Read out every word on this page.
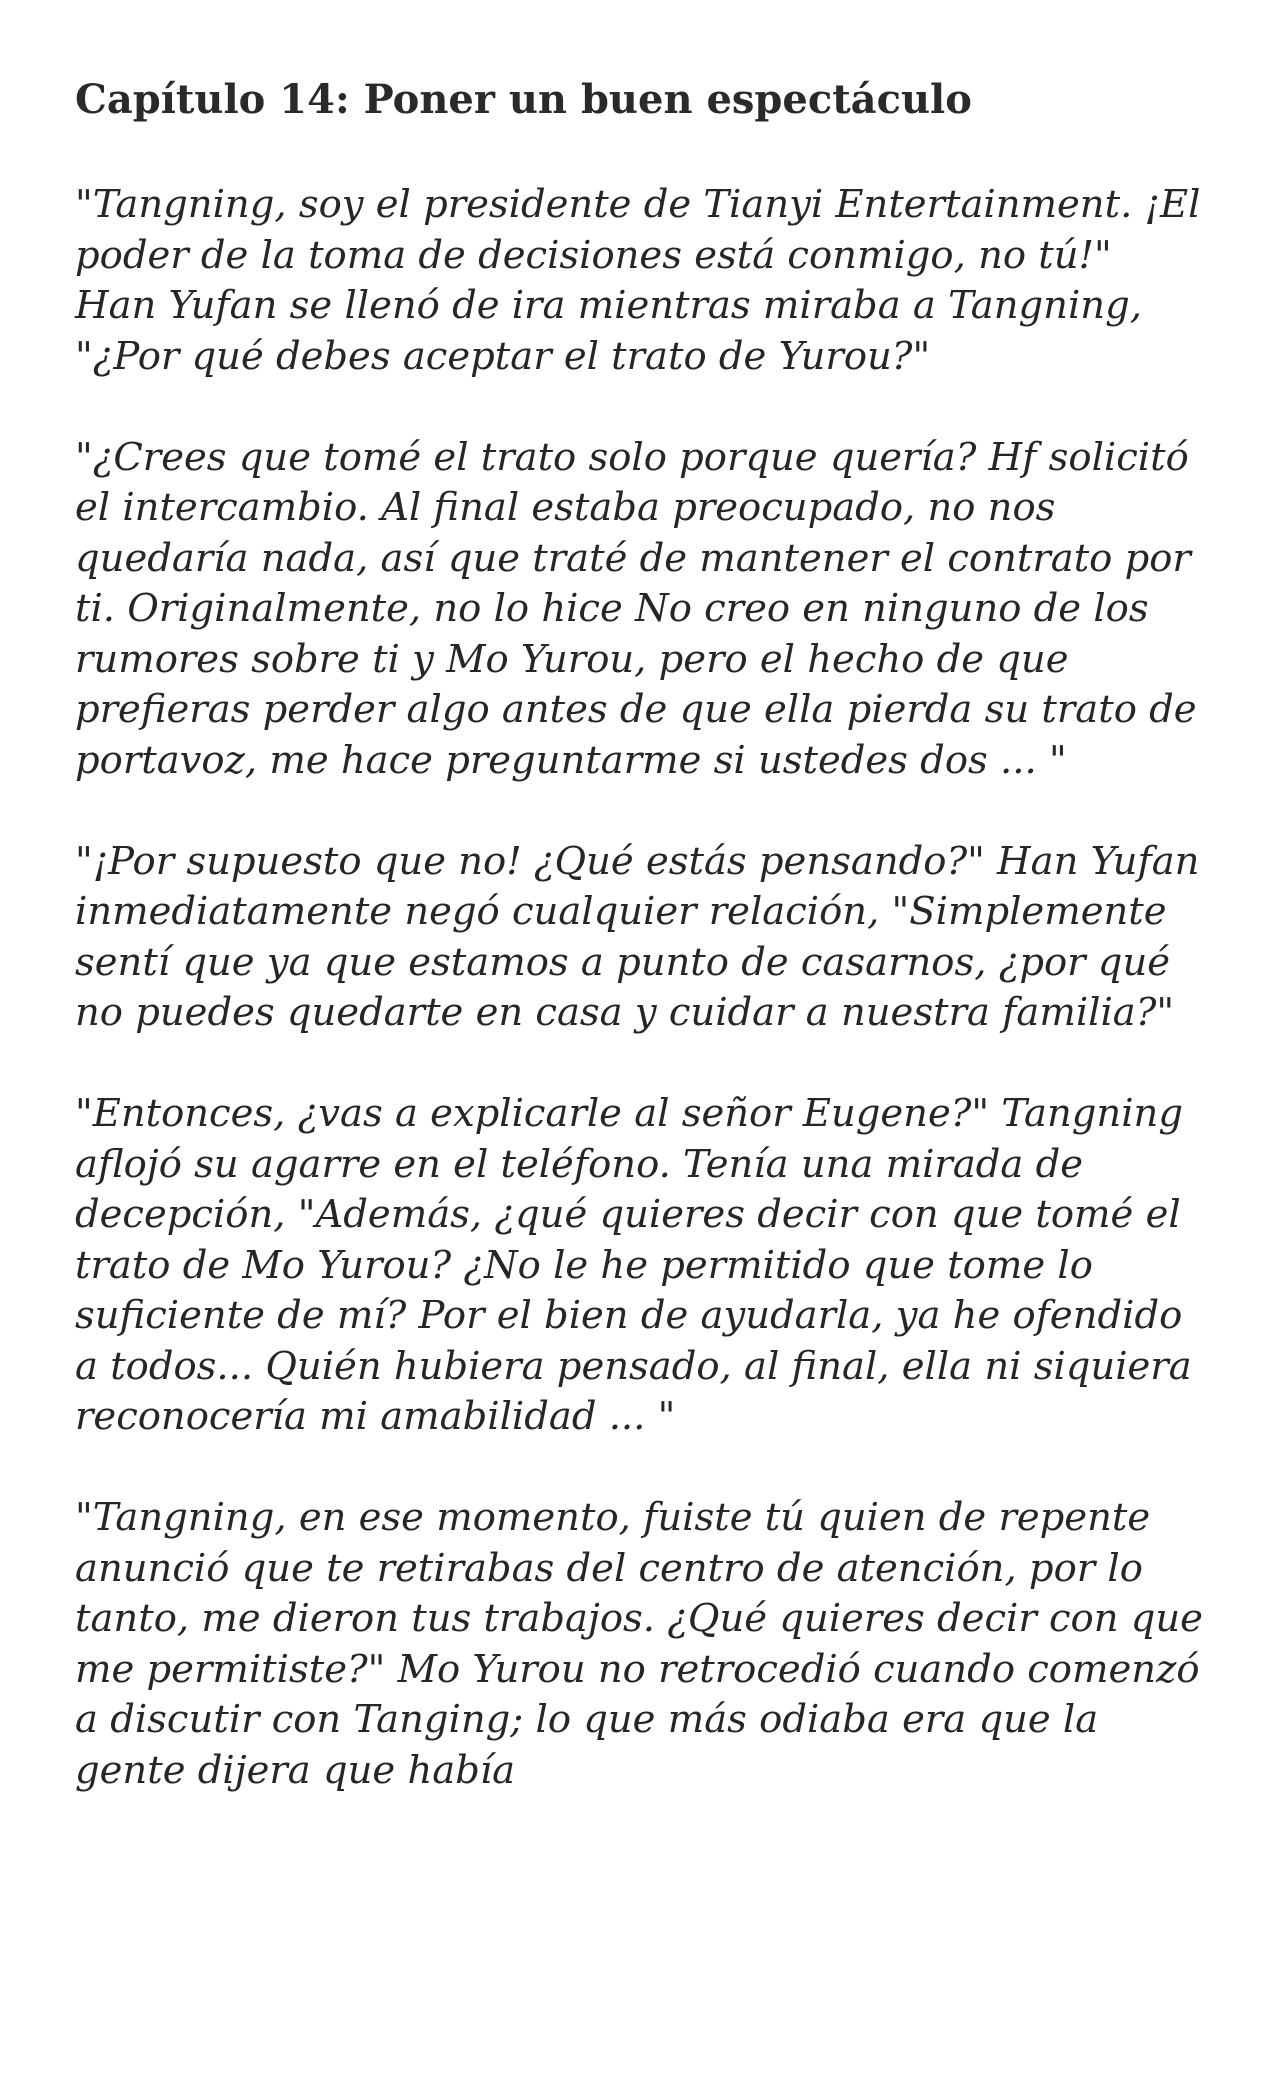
Capítulo 14: Poner un buen espectáculo

"Tangning, soy el presidente de Tianyi Entertainment. ¡El poder de la toma de decisiones está conmigo, no tú!" Han Yufan se llenó de ira mientras miraba a Tangning, "¿Por qué debes aceptar el trato de Yurou?"

"¿Crees que tomé el trato solo porque quería? Hf solicitó el intercambio. Al final estaba preocupado, no nos quedaría nada, así que traté de mantener el contrato por ti. Originalmente, no lo hice No creo en ninguno de los rumores sobre ti y Mo Yurou, pero el hecho de que prefieras perder algo antes de que ella pierda su trato de portavoz, me hace preguntarme si ustedes dos ... "

"¡Por supuesto que no! ¿Qué estás pensando?" Han Yufan inmediatamente negó cualquier relación, "Simplemente sentí que ya que estamos a punto de casarnos, ¿por qué no puedes quedarte en casa y cuidar a nuestra familia?"

"Entonces, ¿vas a explicarle al señor Eugene?" Tangning aflojó su agarre en el teléfono. Tenía una mirada de decepción, "Además, ¿qué quieres decir con que tomé el trato de Mo Yurou? ¿No le he permitido que tome lo suficiente de mí? Por el bien de ayudarla, ya he ofendido a todos... Quién hubiera pensado, al final, ella ni siquiera reconocería mi amabilidad ... "

"Tangning, en ese momento, fuiste tú quien de repente anunció que te retirabas del centro de atención, por lo tanto, me dieron tus trabajos. ¿Qué quieres decir con que me permitiste?" Mo Yurou no retrocedió cuando comenzó a discutir con Tanging; lo que más odiaba era que la gente dijera que había
